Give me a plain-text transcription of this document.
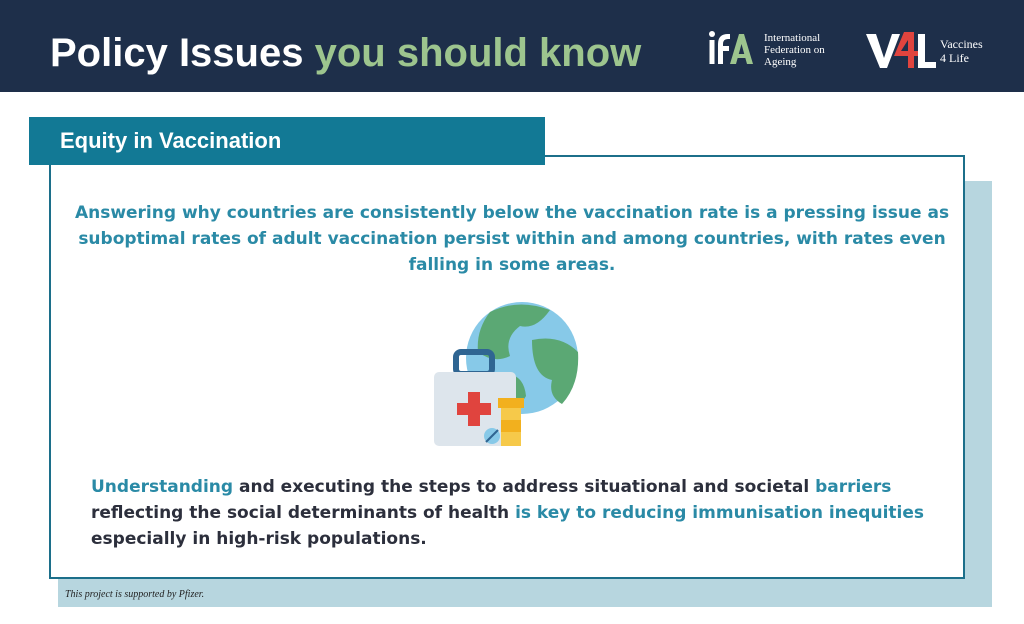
Policy Issues you should know	International
Federation on
Ageing
Vaccines
4 Life
Equity in Vaccination

Answering why countries are consistently below the vaccination rate is a pressing issue as suboptimal rates of adult vaccination persist within and among countries, with rates even falling in some areas.

Understanding and executing the steps to address situational and societal barriers reflecting the social determinants of health is key to reducing immunisation inequities especially in high-risk populations.

This project is supported by Pfizer.
